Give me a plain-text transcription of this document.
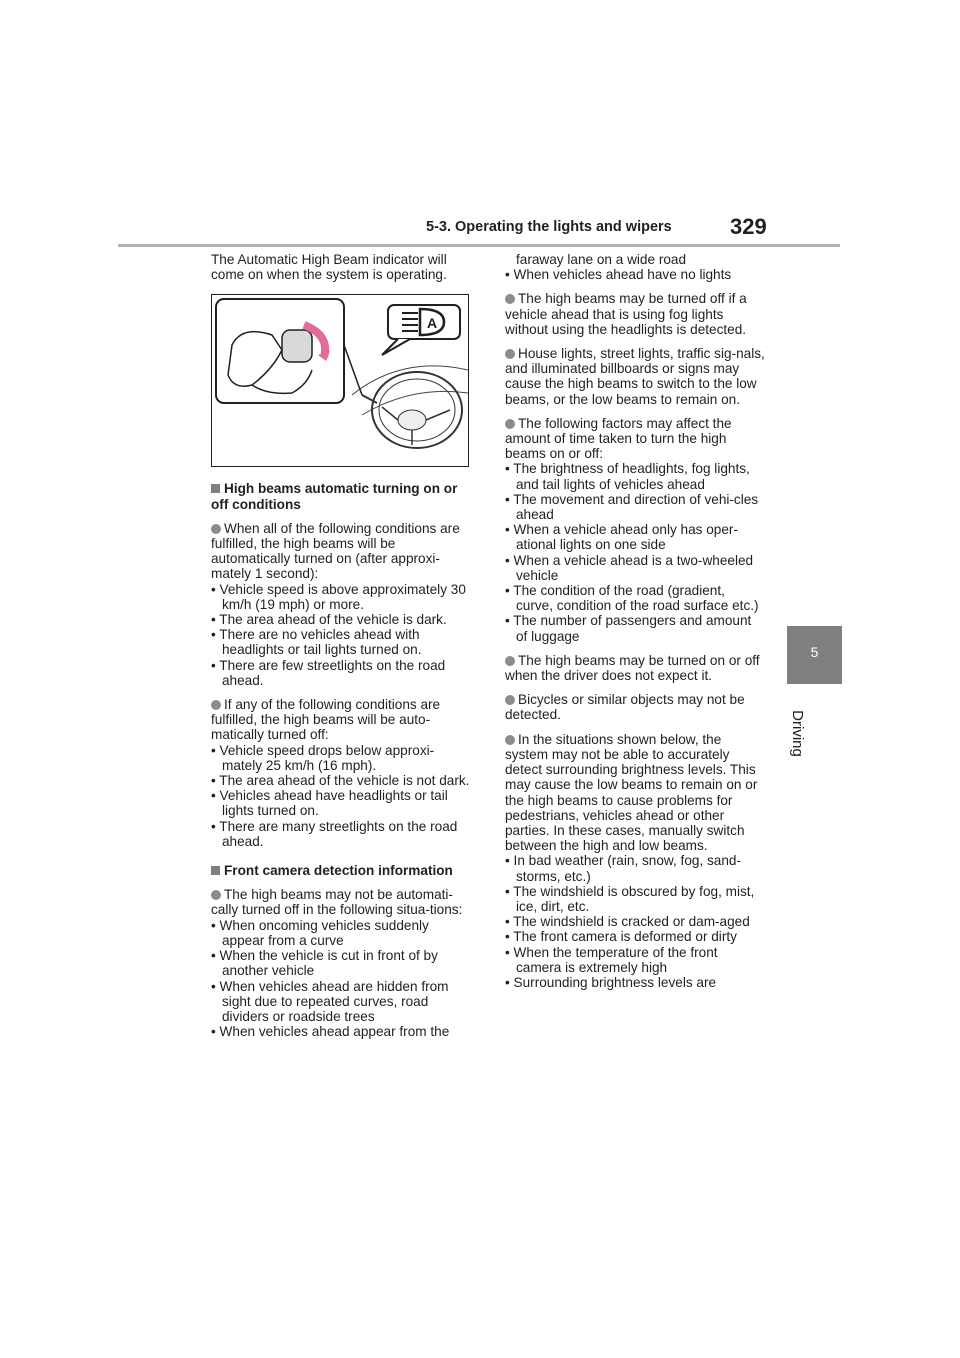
5-3. Operating the lights and wipers	329
5
Driving

The Automatic High Beam indicator will come on when the system is operating.

A

High beams automatic turning on or off conditions

When all of the following conditions are fulfilled, the high beams will be automatically turned on (after approxi-mately 1 second):

• Vehicle speed is above approximately 30 km/h (19 mph) or more.

• The area ahead of the vehicle is dark.

• There are no vehicles ahead with headlights or tail lights turned on.

• There are few streetlights on the road ahead.

If any of the following conditions are fulfilled, the high beams will be auto-matically turned off:

• Vehicle speed drops below approxi-mately 25 km/h (16 mph).

• The area ahead of the vehicle is not dark.

• Vehicles ahead have headlights or tail lights turned on.

• There are many streetlights on the road ahead.

Front camera detection information

The high beams may not be automati-cally turned off in the following situa-tions:

• When oncoming vehicles suddenly appear from a curve

• When the vehicle is cut in front of by another vehicle

• When vehicles ahead are hidden from sight due to repeated curves, road dividers or roadside trees

• When vehicles ahead appear from the

faraway lane on a wide road

• When vehicles ahead have no lights

The high beams may be turned off if a vehicle ahead that is using fog lights without using the headlights is detected.

House lights, street lights, traffic sig-nals, and illuminated billboards or signs may cause the high beams to switch to the low beams, or the low beams to remain on.

The following factors may affect the amount of time taken to turn the high beams on or off:

• The brightness of headlights, fog lights, and tail lights of vehicles ahead

• The movement and direction of vehi-cles ahead

• When a vehicle ahead only has oper-ational lights on one side

• When a vehicle ahead is a two-wheeled vehicle

• The condition of the road (gradient, curve, condition of the road surface etc.)

• The number of passengers and amount of luggage

The high beams may be turned on or off when the driver does not expect it.

Bicycles or similar objects may not be detected.

In the situations shown below, the system may not be able to accurately detect surrounding brightness levels. This may cause the low beams to remain on or the high beams to cause problems for pedestrians, vehicles ahead or other parties. In these cases, manually switch between the high and low beams.

• In bad weather (rain, snow, fog, sand-storms, etc.)

• The windshield is obscured by fog, mist, ice, dirt, etc.

• The windshield is cracked or dam-aged

• The front camera is deformed or dirty

• When the temperature of the front camera is extremely high

• Surrounding brightness levels are
